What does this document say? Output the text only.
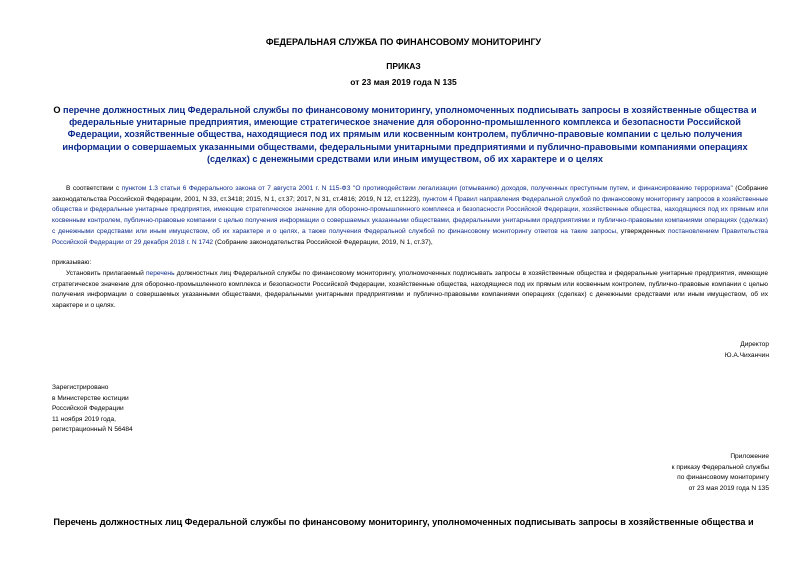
ФЕДЕРАЛЬНАЯ СЛУЖБА ПО ФИНАНСОВОМУ МОНИТОРИНГУ
ПРИКАЗ
от 23 мая 2019 года N 135
О перечне должностных лиц Федеральной службы по финансовому мониторингу, уполномоченных подписывать запросы в хозяйственные общества и федеральные унитарные предприятия, имеющие стратегическое значение для оборонно-промышленного комплекса и безопасности Российской Федерации, хозяйственные общества, находящиеся под их прямым или косвенным контролем, публично-правовые компании с целью получения информации о совершаемых указанными обществами, федеральными унитарными предприятиями и публично-правовыми компаниями операциях (сделках) с денежными средствами или иным имуществом, об их характере и о целях
В соответствии с пунктом 1.3 статьи 6 Федерального закона от 7 августа 2001 г. N 115-ФЗ "О противодействии легализации (отмыванию) доходов, полученных преступным путем, и финансированию терроризма" (Собрание законодательства Российской Федерации, 2001, N 33, ст.3418; 2015, N 1, ст.37; 2017, N 31, ст.4816; 2019, N 12, ст.1223), пунктом 4 Правил направления Федеральной службой по финансовому мониторингу запросов в хозяйственные общества и федеральные унитарные предприятия, имеющие стратегическое значение для оборонно-промышленного комплекса и безопасности Российской Федерации, хозяйственные общества, находящиеся под их прямым или косвенным контролем, публично-правовые компании с целью получения информации о совершаемых указанными обществами, федеральными унитарными предприятиями и публично-правовыми компаниями операциях (сделках) с денежными средствами или иным имуществом, об их характере и о целях, а также получения Федеральной службой по финансовому мониторингу ответов на такие запросы, утвержденных постановлением Правительства Российской Федерации от 29 декабря 2018 г. N 1742 (Собрание законодательства Российской Федерации, 2019, N 1, ст.37),
приказываю:
Установить прилагаемый перечень должностных лиц Федеральной службы по финансовому мониторингу, уполномоченных подписывать запросы в хозяйственные общества и федеральные унитарные предприятия, имеющие стратегическое значение для оборонно-промышленного комплекса и безопасности Российской Федерации, хозяйственные общества, находящиеся под их прямым или косвенным контролем, публично-правовые компании с целью получения информации о совершаемых указанными обществами, федеральными унитарными предприятиями и публично-правовыми компаниями операциях (сделках) с денежными средствами или иным имуществом, об их характере и о целях.
Директор
Ю.А.Чиханчин
Зарегистрировано
в Министерстве юстиции
Российской Федерации
11 ноября 2019 года,
регистрационный N 56484
Приложение
к приказу Федеральной службы
по финансовому мониторингу
от 23 мая 2019 года N 135
Перечень должностных лиц Федеральной службы по финансовому мониторингу, уполномоченных подписывать запросы в хозяйственные общества и
